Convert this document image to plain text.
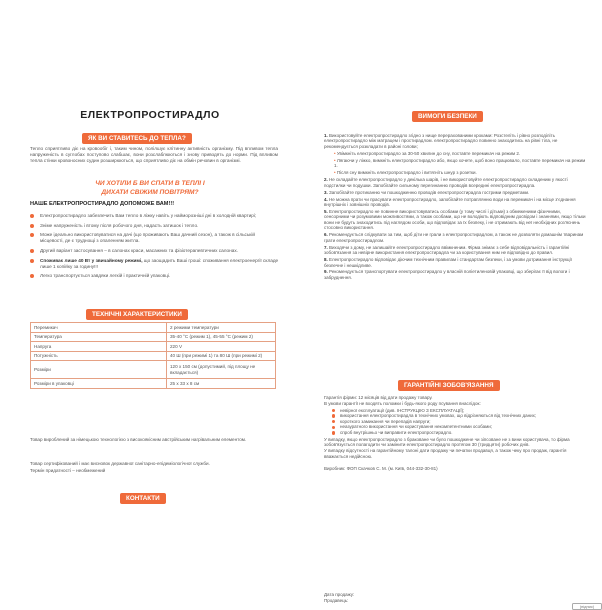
ЕЛЕКТРОПРОСТИРАДЛО
ЯК ВИ СТАВИТЕСЬ ДО ТЕПЛА?
Тепло сприятливо діє на кровообіг і, таким чином, полілшує клітинну активність організму. Під впливом тепла напруженість в суглобах поступово слабшає, вони розслаблюються і знову приводять до норми. Під впливом тепла стінки кровоносних судин розширюються, що сприятливо діє на обмін речовин в організмі.
ЧИ ХОТІЛИ Б ВИ СПАТИ В ТЕПЛІ І ДИХАТИ СВІЖИМ ПОВІТРЯМ?
НАШЕ ЕЛЕКТРОПРОСТИРАДЛО ДОПОМОЖЕ ВАМ!!!
Електропростирадло забезпечить Вам тепло в ліжку навіть у найморозніші дні в холодній квартирі;
Знімe напруженість і втому після робочого дня, надасть затишок і тепло.
Може ідеально використовуватися на дачі (що проживають Ваш дачний сезон), а також в сільській місцевості, де є труднощі з опаленням житла.
Другий варіант застосування – в салонах краси, масажних та фізіотерапевтичних салонах.
Споживає лише 40 Вт у звичайному режимі, що заощадить Ваші гроші: споживання електроенергії складе лише 1 копійку за годину!!!
Легко транспортується завдяки легкій і практичній упаковці.
ТЕХНІЧНІ ХАРАКТЕРИСТИКИ
Перемикач	2 режими температури
Температура	35-40 °C (режим 1), 45-55 °C (режим 2)
Напруга	220 V
Потужність	40 Ш (при режимі 1) та 80 Ш (при режимі 2)
Розміри	120 х 150 см (допустимий, під площу не вкладається)
Розміри в упаковці	25 х 33 х 8 см
Товар вироблений за німецькою технологією з високоякісним австрійським нагрівальним елементом.
Товар сертифікований і має висновок державної санітарно-епідеміологічної служби.
Термін придатності – необмежений
КОНТАКТИ
ВИМОГИ БЕЗПЕКИ
1. Використовуйте електропростирадло згідно з нище перерахованими кроками: Розстеліть і рівно розподіліть електропростирадло між матрацем і простирадлом. електропростирадло повинно знаходитись на рівні тіла, не рекомендується розкладати в районі голови;
• Увімкніть електропростирадло за 30-50 хвилин до сну, поставте перемикач на режим 2.
• Лягаючи у ліжко, вимкніть електропростирадло або, якщо хочете, щоб воно працювало, поставте перемикач на режим 1.
• Після сну вимкніть електропростирадло і витягніть шнур з розетки.
2. Не складайте електропростирадло у декілька шарів, і не використовуйте електропростирадло складеним у якості подстилки чи подушки. Запобігайте сильному перегинанню проводів всередині електропростирадла.
3. Запобігайте протиканню чи пошкодженню проводів електропростирадла гострими предметами.
4. Не можна прати чи прасувати електропростирадло, запобігайте потраплянню води на перемикач і на місце з'єднання внутрішніх і зовнішніх проводів.
5. Електропростирадло не повинне використовуватись особами (у тому числі і дітьми) з обмеженими фізичними, сенсорними чи розумовими можливостями, а також особами, що не володіють відповідним досвідом і знаннями, якщо тільки вони не будуть знаходитись під наглядом особи, що відповідає за їх безпеку, і не отримають від неї необхідних роз'яснень стосовно використання.
6. Рекомендується слідкувати за тим, щоб діти не грали з електропростирадлом, а також не дозволяти домашнім тваринам грати електропростирадлом.
7. Виходячи з дому, не залишайте електропростирадло ввімкненим. Фірма знімає з себе відповідальність і гарантійні зобов'язання за невірне використання електропростирадла чи за користування ним не відповідно до правил.
8. Електропростирадло відповідає діючим технічним правилам і стандартам безпеки, і за умови дотримання інструкції безпечне і нешкідливе.
9. Рекомендується транспортувати електропростирадло у власній поліетиленовій упаковці, що зберігає її від вологи і забруднення.
ГАРАНТІЙНІ ЗОБОВ'ЯЗАННЯ

Гарантія фірми: 12 місяців від дати продажу товару.

В умови гарантії не входять поломки і будь-якого роду псування внаслідок:

невірної експлуатації (див. ІНСТРУКЦІЮ З ЕКСПЛУАТАЦІЇ);
використання електропростирадла в технічних умовах, що відрізняються від технічних даних;
короткого замикання чи перепадів напруги;
неазуратного використання чи користування некомпетентними особами;
спроб внутрішньо чи виправити електропростирадло.

У випадку, якщо електропростирадло з браковане чи було пошкоджене чи зіпсоване не з вини користувача, то фірма зобов'язується полагодити чи замінити електропростирадло протягом 30 (тридцяти) робочих днів.

У випадку відсутності на гарантійному талоні дати продажу чи печатки продавця, а також чеку про продаж, гарантія вважається недійсною.

Виробник: ФОП Скачков С. М. (м. Київ, 044-332-30-81)

Дата продажу:
Продавець:
(підпис)
